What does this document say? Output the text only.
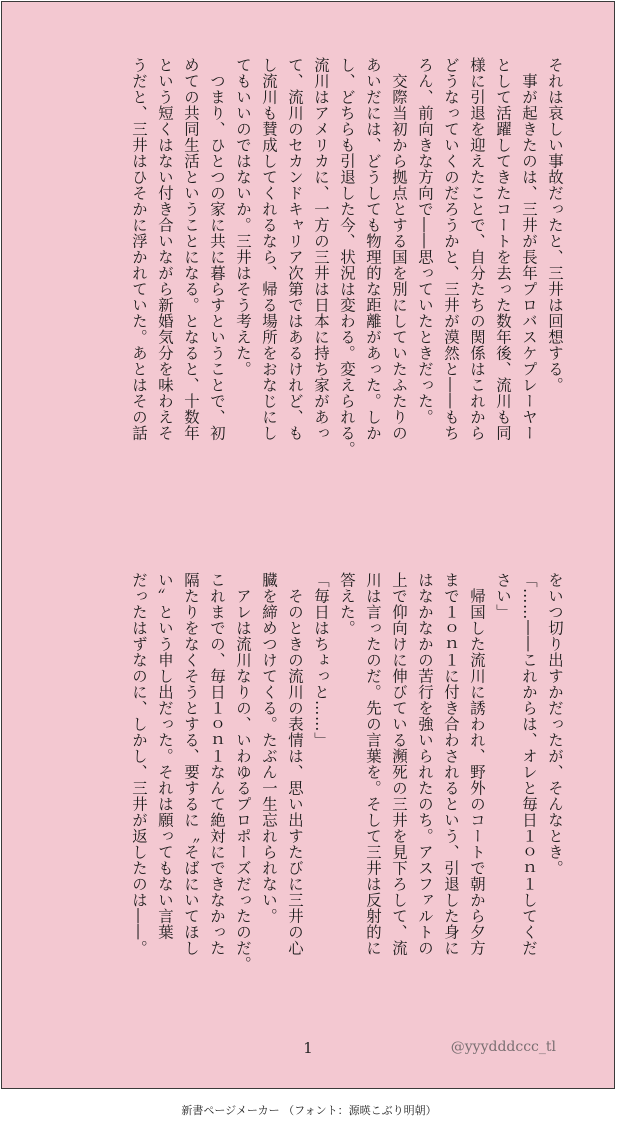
それは哀しい事故だったと、三井は回想する。
　事が起きたのは、三井が長年プロバスケプレーヤー
として活躍してきたコートを去った数年後、流川も同
様に引退を迎えたことで、自分たちの関係はこれから
どうなっていくのだろうかと、三井が漠然と――もち
ろん、前向きな方向で――思っていたときだった。
　交際当初から拠点とする国を別にしていたふたりの
あいだには、どうしても物理的な距離があった。しか
し、どちらも引退した今、状況は変わる。変えられる。
流川はアメリカに、一方の三井は日本に持ち家があっ
て、流川のセカンドキャリア次第ではあるけれど、も
し流川も賛成してくれるなら、帰る場所をおなじにし
てもいいのではないか。三井はそう考えた。
　つまり、ひとつの家に共に暮らすということで、初
めての共同生活ということになる。となると、十数年
という短くはない付き合いながら新婚気分を味わえそ
うだと、三井はひそかに浮かれていた。あとはその話
をいつ切り出すかだったが、そんなとき。
「……――これからは、オレと毎日１ｏｎ１してくだ
さい」
　帰国した流川に誘われ、野外のコートで朝から夕方
まで１ｏｎ１に付き合わされるという、引退した身に
はなかなかの苦行を強いられたのち。アスファルトの
上で仰向けに伸びている瀕死の三井を見下ろして、流
川は言ったのだ。先の言葉を。そして三井は反射的に
答えた。
「毎日はちょっと……」
　そのときの流川の表情は、思い出すたびに三井の心
臓を締めつけてくる。たぶん一生忘れられない。
　アレは流川なりの、いわゆるプロポーズだったのだ。
これまでの、毎日１ｏｎ１なんて絶対にできなかった
隔たりをなくそうとする、要するに〝そばにいてほし
い〟という申し出だった。それは願ってもない言葉
だったはずなのに、しかし、三井が返したのは――。
1	@yyydddccc_tl
新書ページメーカー （フォント：源暎こぶり明朝）
